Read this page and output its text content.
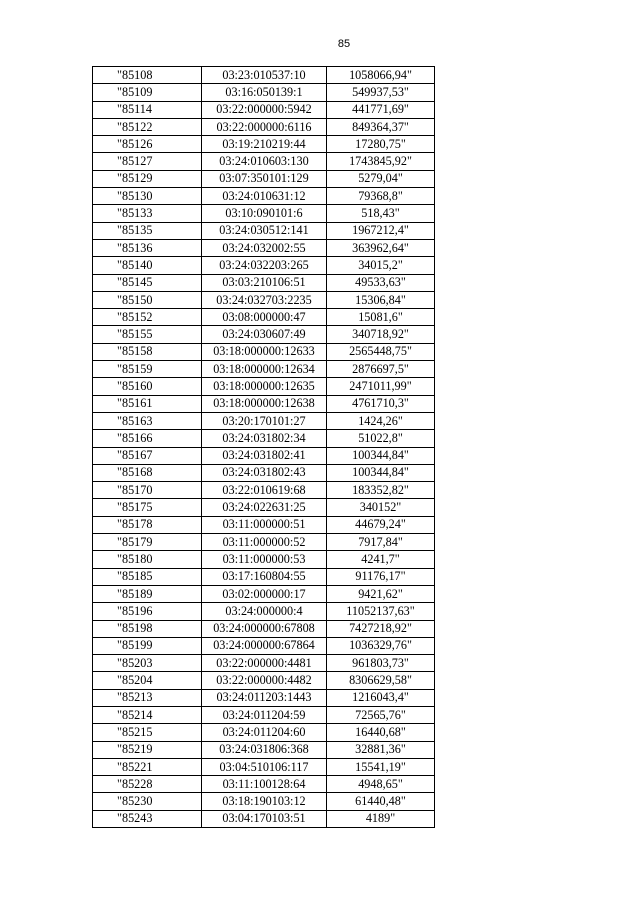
85
"85108	03:23:010537:10	1058066,94"
"85109	03:16:050139:1	549937,53"
"85114	03:22:000000:5942	441771,69"
"85122	03:22:000000:6116	849364,37"
"85126	03:19:210219:44	17280,75"
"85127	03:24:010603:130	1743845,92"
"85129	03:07:350101:129	5279,04"
"85130	03:24:010631:12	79368,8"
"85133	03:10:090101:6	518,43"
"85135	03:24:030512:141	1967212,4"
"85136	03:24:032002:55	363962,64"
"85140	03:24:032203:265	34015,2"
"85145	03:03:210106:51	49533,63"
"85150	03:24:032703:2235	15306,84"
"85152	03:08:000000:47	15081,6"
"85155	03:24:030607:49	340718,92"
"85158	03:18:000000:12633	2565448,75"
"85159	03:18:000000:12634	2876697,5"
"85160	03:18:000000:12635	2471011,99"
"85161	03:18:000000:12638	4761710,3"
"85163	03:20:170101:27	1424,26"
"85166	03:24:031802:34	51022,8"
"85167	03:24:031802:41	100344,84"
"85168	03:24:031802:43	100344,84"
"85170	03:22:010619:68	183352,82"
"85175	03:24:022631:25	340152"
"85178	03:11:000000:51	44679,24"
"85179	03:11:000000:52	7917,84"
"85180	03:11:000000:53	4241,7"
"85185	03:17:160804:55	91176,17"
"85189	03:02:000000:17	9421,62"
"85196	03:24:000000:4	11052137,63"
"85198	03:24:000000:67808	7427218,92"
"85199	03:24:000000:67864	1036329,76"
"85203	03:22:000000:4481	961803,73"
"85204	03:22:000000:4482	8306629,58"
"85213	03:24:011203:1443	1216043,4"
"85214	03:24:011204:59	72565,76"
"85215	03:24:011204:60	16440,68"
"85219	03:24:031806:368	32881,36"
"85221	03:04:510106:117	15541,19"
"85228	03:11:100128:64	4948,65"
"85230	03:18:190103:12	61440,48"
"85243	03:04:170103:51	4189"
